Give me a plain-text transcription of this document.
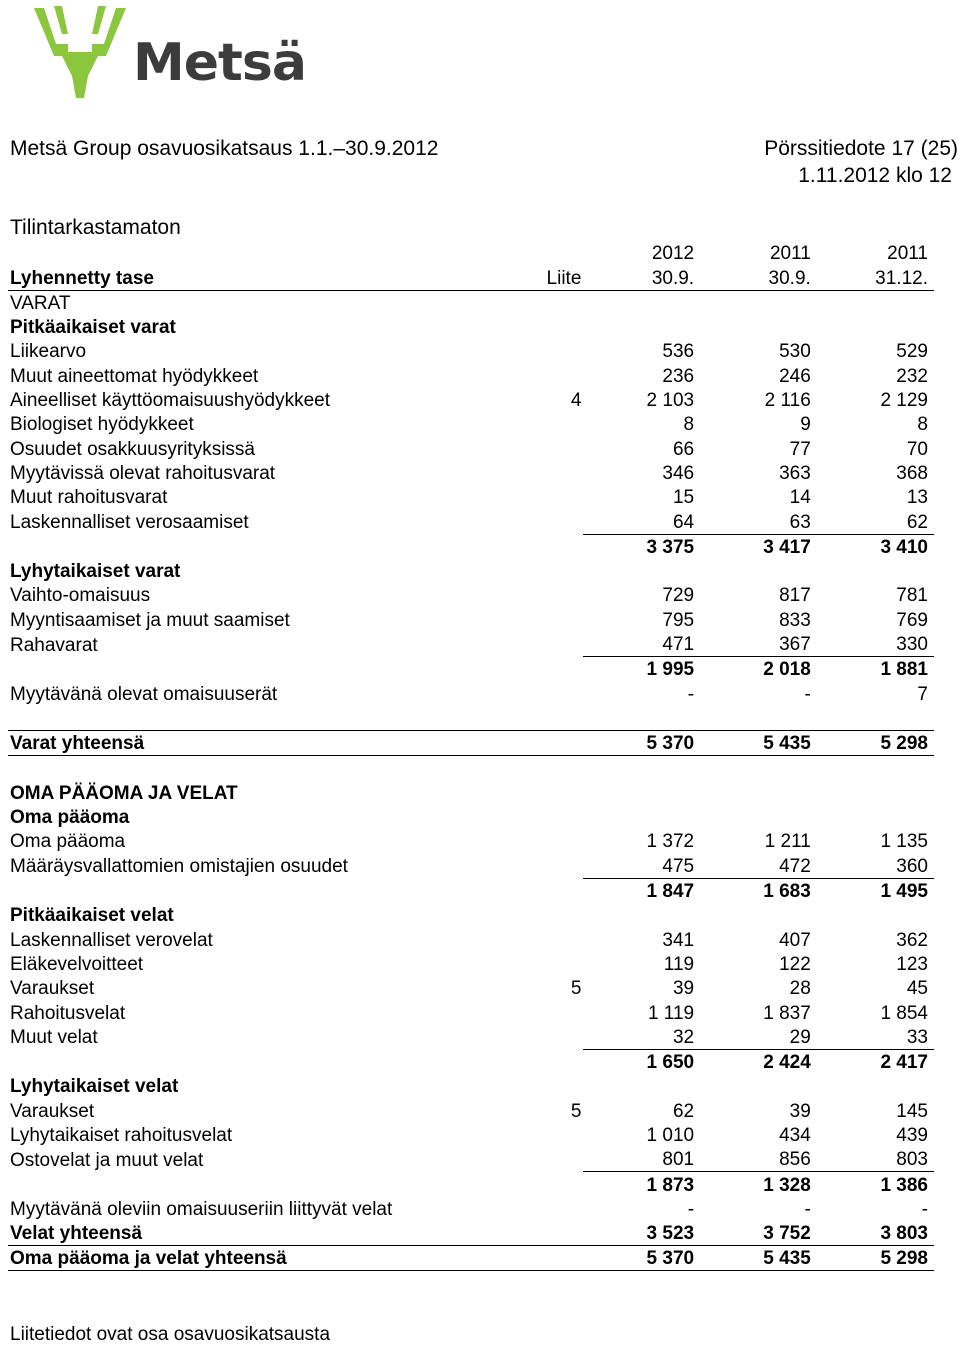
Metsä
Metsä Group osavuosikatsaus 1.1.–30.9.2012	Pörssitiedote 17 (25)
1.11.2012 klo 12
Tilintarkastamaton
		2012	2011	2011
Lyhennetty tase	Liite	30.9.	30.9.	31.12.
VARAT				
Pitkäaikaiset varat				
Liikearvo		536	530	529
Muut aineettomat hyödykkeet		236	246	232
Aineelliset käyttöomaisuushyödykkeet	4	2 103	2 116	2 129
Biologiset hyödykkeet		8	9	8
Osuudet osakkuusyrityksissä		66	77	70
Myytävissä olevat rahoitusvarat		346	363	368
Muut rahoitusvarat		15	14	13
Laskennalliset verosaamiset		64	63	62
		3 375	3 417	3 410
Lyhytaikaiset varat				
Vaihto-omaisuus		729	817	781
Myyntisaamiset ja muut saamiset		795	833	769
Rahavarat		471	367	330
		1 995	2 018	1 881
Myytävänä olevat omaisuuserät		-	-	7

Varat yhteensä		5 370	5 435	5 298

OMA PÄÄOMA JA VELAT				
Oma pääoma				
Oma pääoma		1 372	1 211	1 135
Määräysvallattomien omistajien osuudet		475	472	360
		1 847	1 683	1 495
Pitkäaikaiset velat				
Laskennalliset verovelat		341	407	362
Eläkevelvoitteet		119	122	123
Varaukset	5	39	28	45
Rahoitusvelat		1 119	1 837	1 854
Muut velat		32	29	33
		1 650	2 424	2 417
Lyhytaikaiset velat				
Varaukset	5	62	39	145
Lyhytaikaiset rahoitusvelat		1 010	434	439
Ostovelat ja muut velat		801	856	803
		1 873	1 328	1 386
Myytävänä oleviin omaisuuseriin liittyvät velat		-	-	-
Velat yhteensä		3 523	3 752	3 803
Oma pääoma ja velat yhteensä		5 370	5 435	5 298
Liitetiedot ovat osa osavuosikatsausta
